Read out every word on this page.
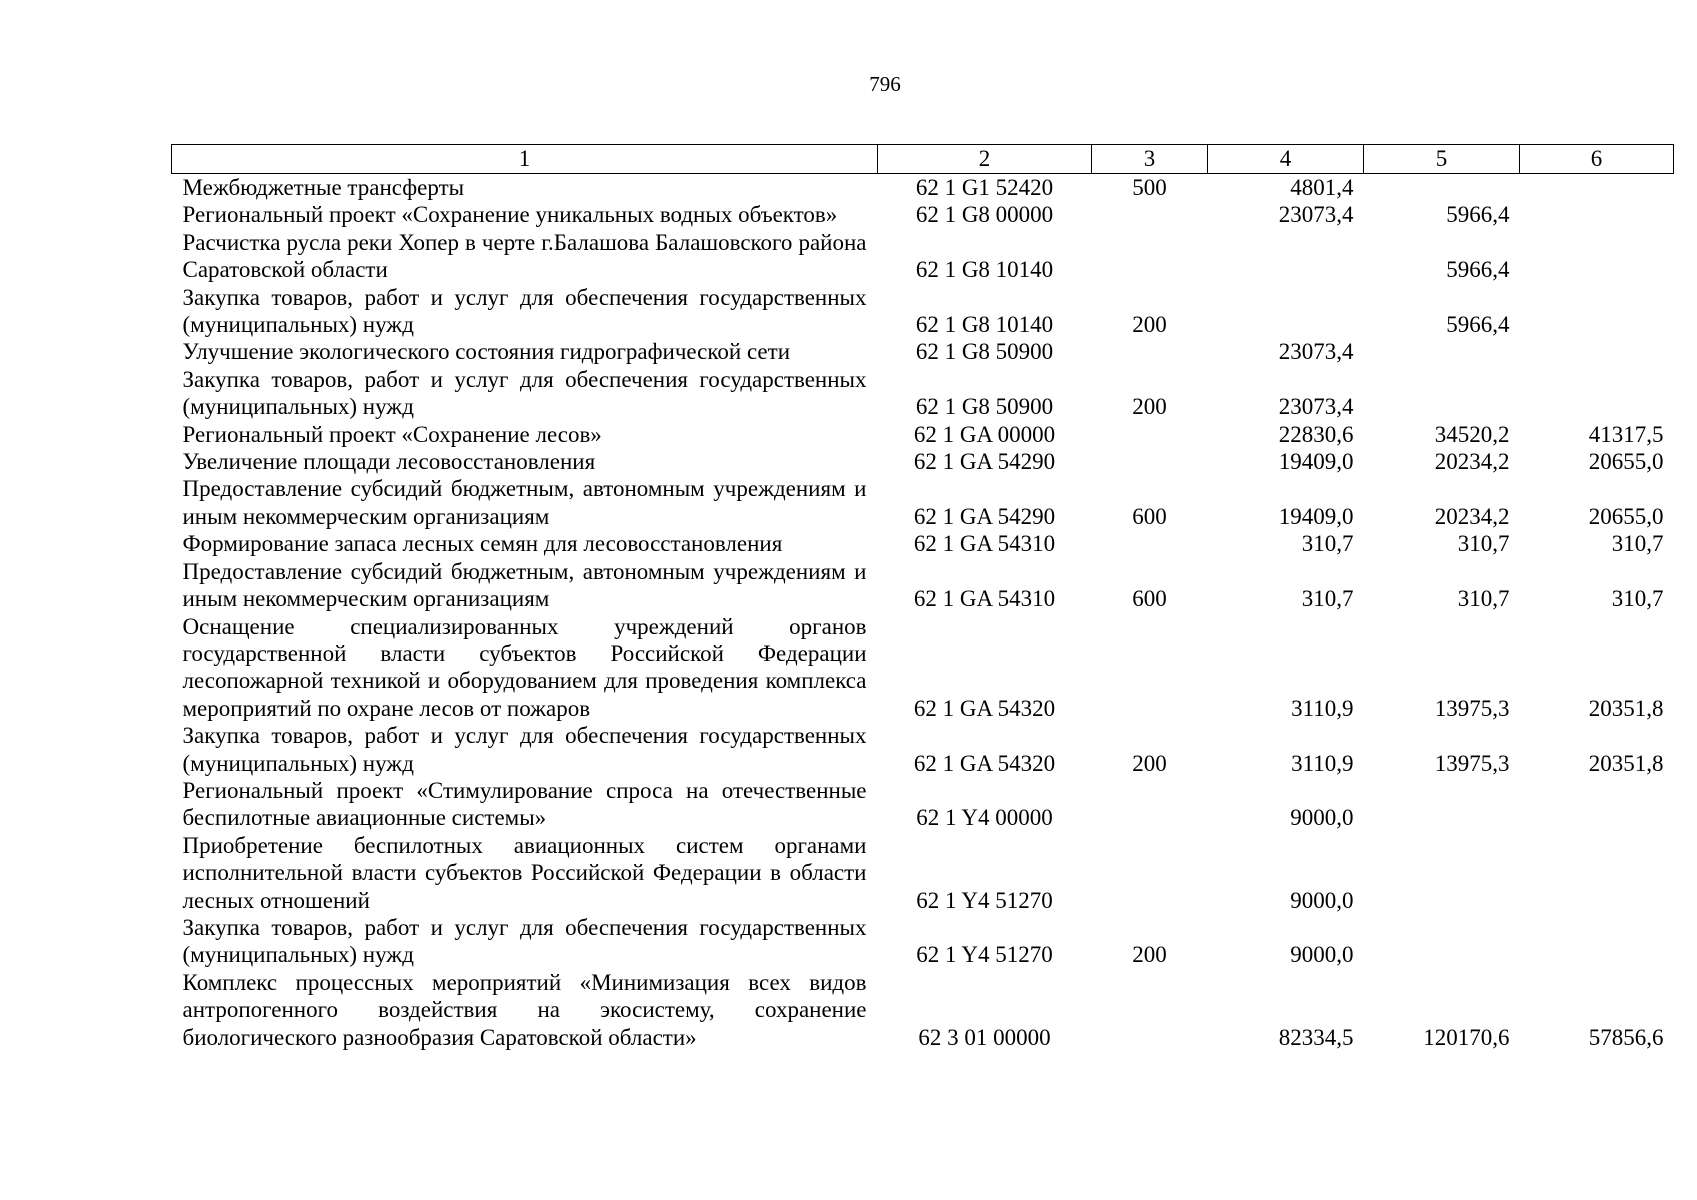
796
1	2	3	4	5	6
Межбюджетные трансферты	62 1 G1 52420	500	4801,4		
Региональный проект «Сохранение уникальных водных объектов»	62 1 G8 00000		23073,4	5966,4	
Расчистка русла реки Хопер в черте г.Балашова Балашовского района Саратовской области	62 1 G8 10140			5966,4	
Закупка товаров, работ и услуг для обеспечения государственных (муниципальных) нужд	62 1 G8 10140	200		5966,4	
Улучшение экологического состояния гидрографической сети	62 1 G8 50900		23073,4		
Закупка товаров, работ и услуг для обеспечения государственных (муниципальных) нужд	62 1 G8 50900	200	23073,4		
Региональный проект «Сохранение лесов»	62 1 GA 00000		22830,6	34520,2	41317,5
Увеличение площади лесовосстановления	62 1 GA 54290		19409,0	20234,2	20655,0
Предоставление субсидий бюджетным, автономным учреждениям и иным некоммерческим организациям	62 1 GA 54290	600	19409,0	20234,2	20655,0
Формирование запаса лесных семян для лесовосстановления	62 1 GA 54310		310,7	310,7	310,7
Предоставление субсидий бюджетным, автономным учреждениям и иным некоммерческим организациям	62 1 GA 54310	600	310,7	310,7	310,7
Оснащение специализированных учреждений органов государственной власти субъектов Российской Федерации лесопожарной техникой и оборудованием для проведения комплекса мероприятий по охране лесов от пожаров	62 1 GA 54320		3110,9	13975,3	20351,8
Закупка товаров, работ и услуг для обеспечения государственных (муниципальных) нужд	62 1 GA 54320	200	3110,9	13975,3	20351,8
Региональный проект «Стимулирование спроса на отечественные беспилотные авиационные системы»	62 1 Y4 00000		9000,0		
Приобретение беспилотных авиационных систем органами исполнительной власти субъектов Российской Федерации в области лесных отношений	62 1 Y4 51270		9000,0		
Закупка товаров, работ и услуг для обеспечения государственных (муниципальных) нужд	62 1 Y4 51270	200	9000,0		
Комплекс процессных мероприятий «Минимизация всех видов антропогенного воздействия на экосистему, сохранение биологического разнообразия Саратовской области»	62 3 01 00000		82334,5	120170,6	57856,6
